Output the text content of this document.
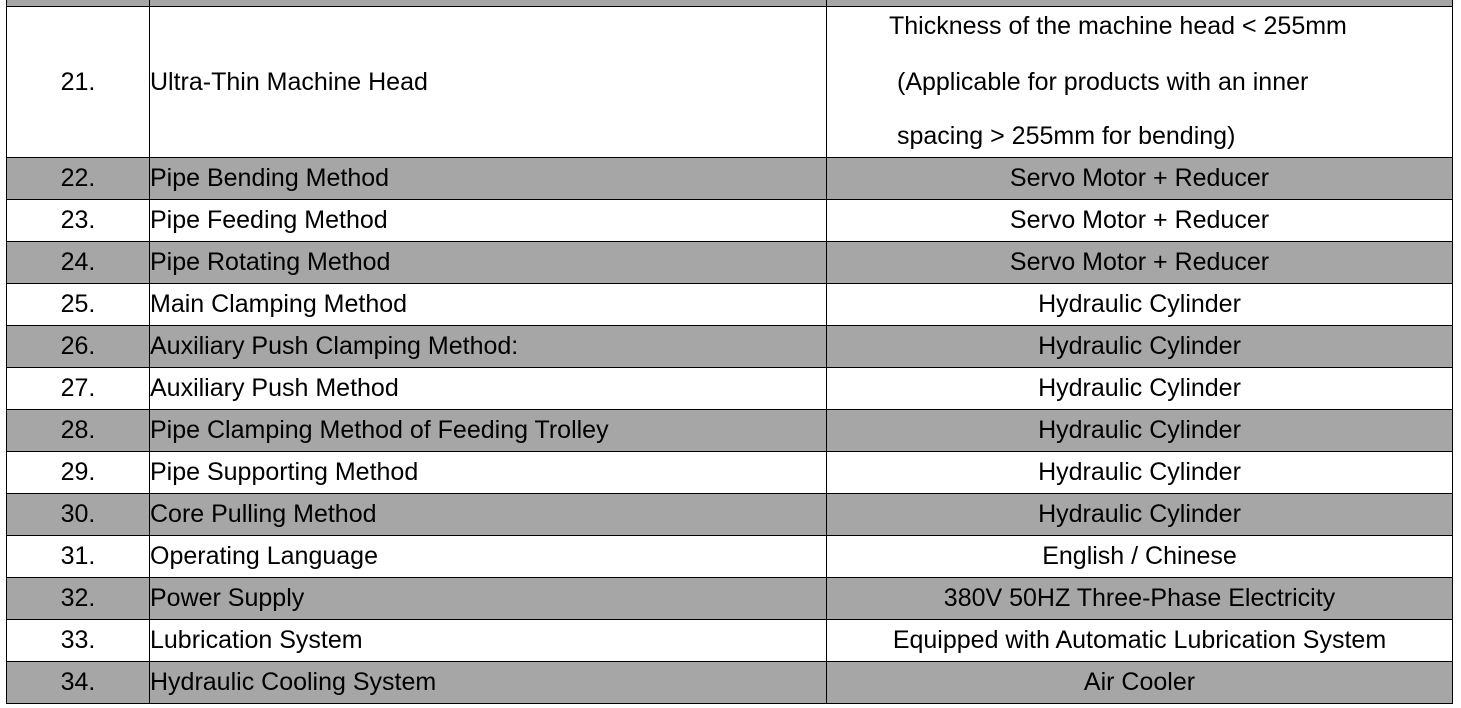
21.	Ultra-Thin Machine Head	Thickness of the machine head < 255mm
(Applicable for products with an inner
spacing > 255mm for bending)

22.	Pipe Bending Method	Servo Motor + Reducer
23.	Pipe Feeding Method	Servo Motor + Reducer
24.	Pipe Rotating Method	Servo Motor + Reducer
25.	Main Clamping Method	Hydraulic Cylinder
26.	Auxiliary Push Clamping Method:	Hydraulic Cylinder
27.	Auxiliary Push Method	Hydraulic Cylinder
28.	Pipe Clamping Method of Feeding Trolley	Hydraulic Cylinder
29.	Pipe Supporting Method	Hydraulic Cylinder
30.	Core Pulling Method	Hydraulic Cylinder
31.	Operating Language	English / Chinese
32.	Power Supply	380V 50HZ Three-Phase Electricity
33.	Lubrication System	Equipped with Automatic Lubrication System
34.	Hydraulic Cooling System	Air Cooler
